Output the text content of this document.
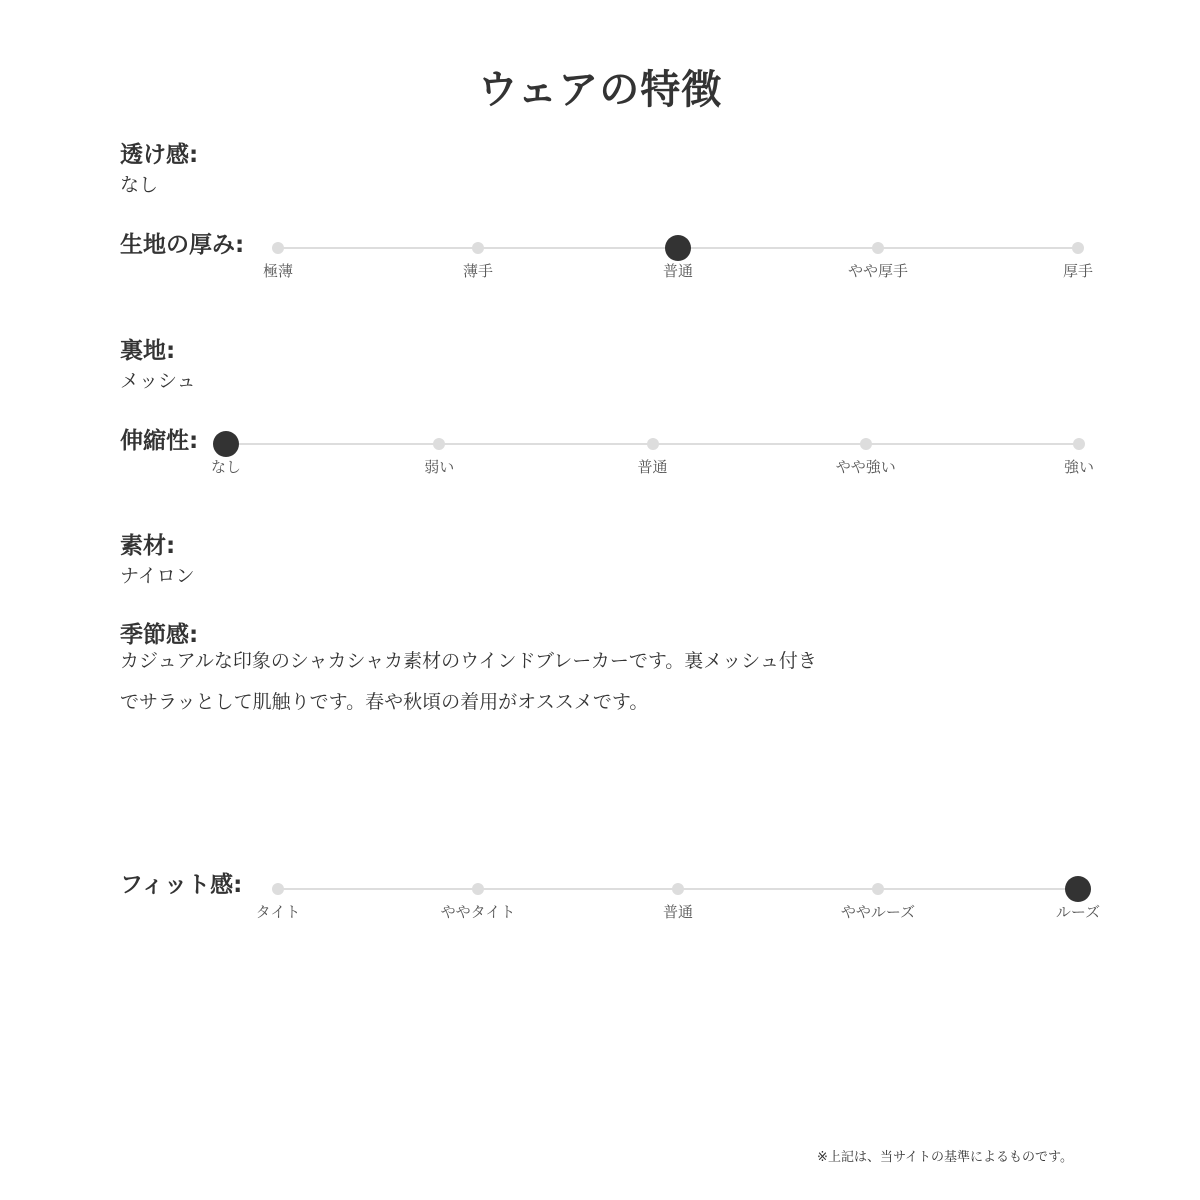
ウェアの特徴
透け感:
なし
生地の厚み:
極薄	薄手	普通	やや厚手	厚手
裏地:
メッシュ
伸縮性:
なし	弱い	普通	やや強い	強い
素材:
ナイロン
季節感:
カジュアルな印象のシャカシャカ素材のウインドブレーカーです。裏メッシュ付き
でサラッとして肌触りです。春や秋頃の着用がオススメです。
フィット感:
タイト	ややタイト	普通	ややルーズ	ルーズ
※上記は、当サイトの基準によるものです。
